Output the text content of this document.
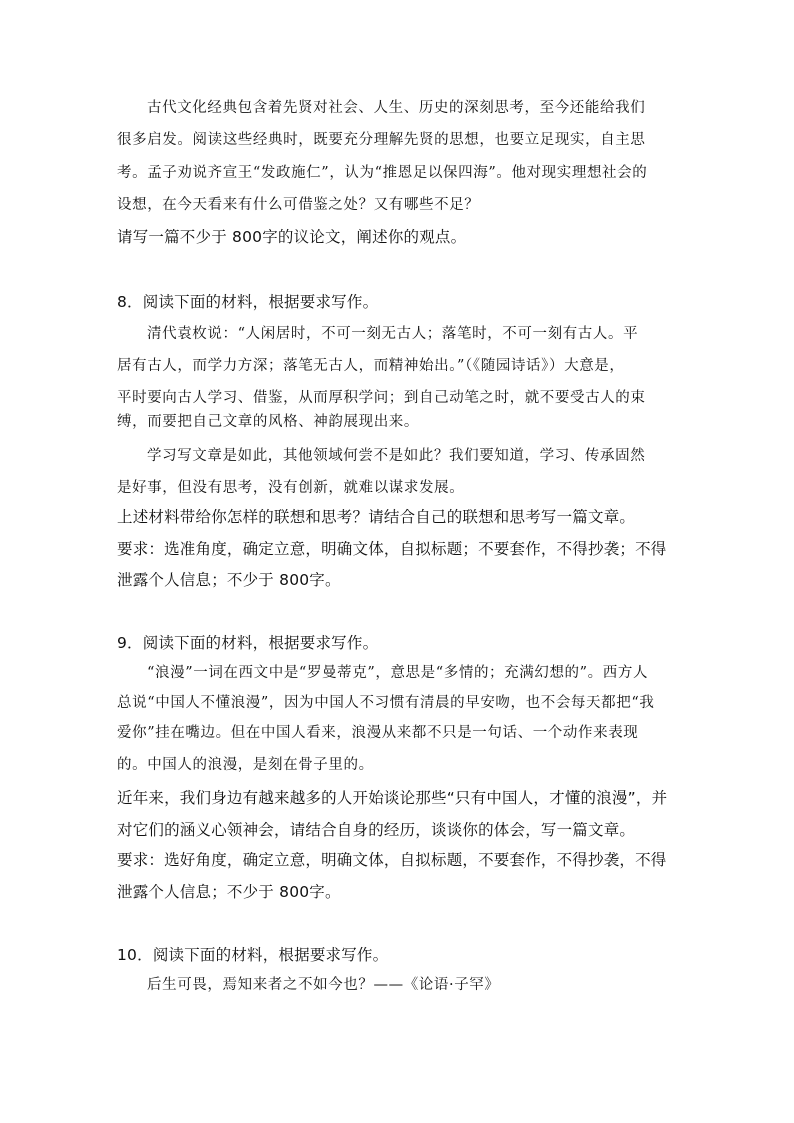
古代文化经典包含着先贤对社会、人生、历史的深刻思考，至今还能给我们
很多启发。阅读这些经典时，既要充分理解先贤的思想，也要立足现实，自主思
考。孟子劝说齐宣王“发政施仁”，认为“推恩足以保四海”。他对现实理想社会的
设想，在今天看来有什么可借鉴之处？又有哪些不足？
请写一篇不少于 800字的议论文，阐述你的观点。
8．阅读下面的材料，根据要求写作。
清代袁枚说：“人闲居时，不可一刻无古人；落笔时，不可一刻有古人。平
居有古人，而学力方深；落笔无古人，而精神始出。”（《随园诗话》）大意是，
平时要向古人学习、借鉴，从而厚积学问；到自己动笔之时，就不要受古人的束
缚，而要把自己文章的风格、神韵展现出来。
学习写文章是如此，其他领域何尝不是如此？我们要知道，学习、传承固然
是好事，但没有思考，没有创新，就难以谋求发展。
上述材料带给你怎样的联想和思考？请结合自己的联想和思考写一篇文章。
要求：选准角度，确定立意，明确文体，自拟标题；不要套作，不得抄袭；不得
泄露个人信息；不少于 800字。
9．阅读下面的材料，根据要求写作。
“浪漫”一词在西文中是“罗曼蒂克”，意思是“多情的；充满幻想的”。西方人
总说“中国人不懂浪漫”，因为中国人不习惯有清晨的早安吻，也不会每天都把“我
爱你”挂在嘴边。但在中国人看来，浪漫从来都不只是一句话、一个动作来表现
的。中国人的浪漫，是刻在骨子里的。
近年来，我们身边有越来越多的人开始谈论那些“只有中国人，才懂的浪漫”，并
对它们的涵义心领神会，请结合自身的经历，谈谈你的体会，写一篇文章。
要求：选好角度，确定立意，明确文体，自拟标题，不要套作，不得抄袭，不得
泄露个人信息；不少于 800字。
10．阅读下面的材料，根据要求写作。
后生可畏，焉知来者之不如今也？——《论语·子罕》
